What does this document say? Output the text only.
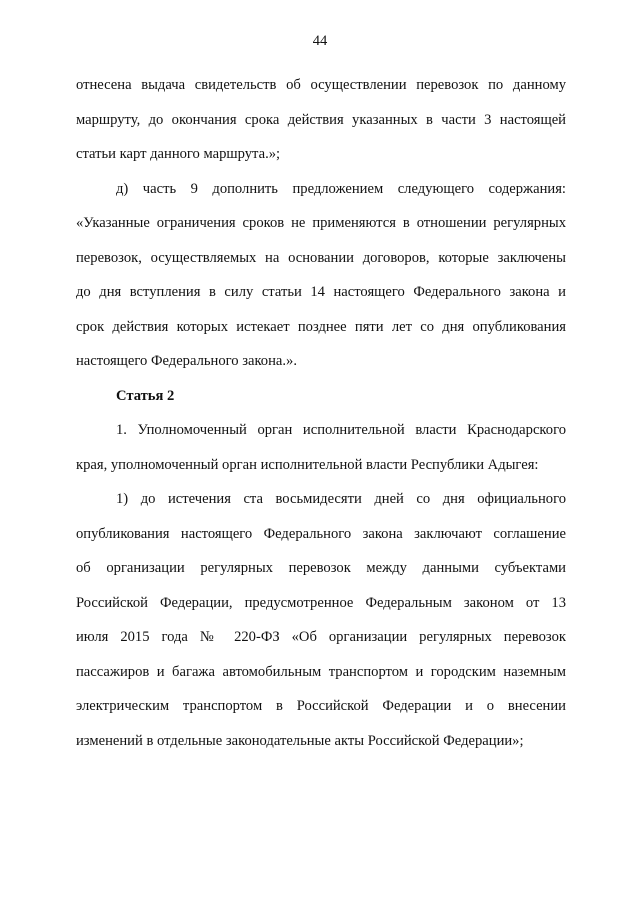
44

отнесена выдача свидетельств об осуществлении перевозок по данному
маршруту, до окончания срока действия указанных в части 3 настоящей
статьи карт данного маршрута.»;

д) часть 9 дополнить предложением следующего содержания:
«Указанные ограничения сроков не применяются в отношении регулярных
перевозок, осуществляемых на основании договоров, которые заключены
до дня вступления в силу статьи 14 настоящего Федерального закона и
срок действия которых истекает позднее пяти лет со дня опубликования
настоящего Федерального закона.».

Статья 2

1. Уполномоченный орган исполнительной власти Краснодарского
края, уполномоченный орган исполнительной власти Республики Адыгея:

1) до истечения ста восьмидесяти дней со дня официального
опубликования настоящего Федерального закона заключают соглашение
об организации регулярных перевозок между данными субъектами
Российской Федерации, предусмотренное Федеральным законом от 13
июля 2015 года № 220-ФЗ «Об организации регулярных перевозок
пассажиров и багажа автомобильным транспортом и городским наземным
электрическим транспортом в Российской Федерации и о внесении
изменений в отдельные законодательные акты Российской Федерации»;
